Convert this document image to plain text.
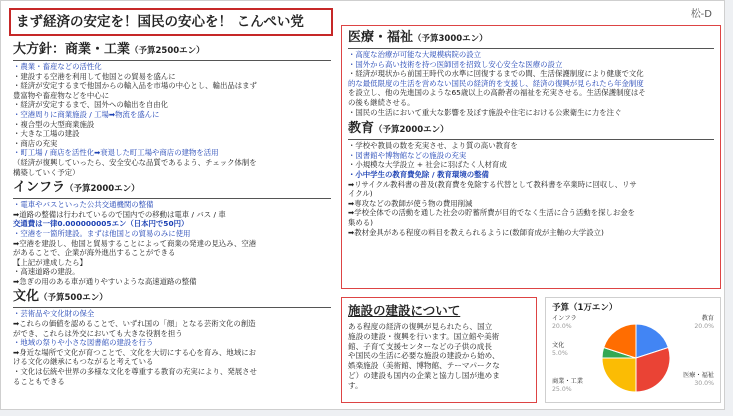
まず経済の安定を！国民の安心を！ こんぺい党	松-D
大方針：商業・工業（予算2500エン）
・農業・畜産などの活性化
・建設する空港を利用して他国との貿易を盛んに
・経済が安定するまで他国からの輸入品を市場の中心とし、輸出品はまず
豊富物や畜産物などを中心に
・経済が安定するまで、国外への輸出を自由化
・空港周りに商業施設 / 工場➡物流を盛んに
・複合型の大型商業施設
・大きな工場の建設
・商店の充実
・町工場 / 商店を活性化➡衰退した町工場や商店の建物を活用
（経済が復興していったら、安全安心な品質であるよう、チェック体制を
構築していく予定）
インフラ（予算2000エン）
・電車やバスといった公共交通機関の整備
➡道路の整備は行われているので国内での移動は電車 / バス / 車
交通費は一律0.000000005エン（日本円で50円）
・空港を一箇所建設。まずは他国との貿易のみに使用
➡空港を建設し、他国と貿易することによって商業の発達の見込み、空港
があることで、企業が海外進出することができる
【上記が達成したら】
・高速道路の建設。
➡急ぎの用のある車が通りやすいような高速道路の整備
文化（予算500エン）
・芸術品や文化財の保全
➡これらの価値を認めることで、いずれ国の「顔」となる芸術文化の創造
ができ、これらは外交においても大きな役割を担う
・地域の祭りや小さな図書館の建設を行う
➡身近な場所で文化が育つことで、文化を大切にする心を育み、地域にお
ける文化の継承にもつながると考えている
・文化は伝統や世界の多様な文化を尊重する教育の充実により、発展させ
ることもできる
医療・福祉（予算3000エン）
・高度な治療が可能な大規模病院の設立
・国外から高い技術を持つ医師団を招致し安心安全な医療の設立
・経済が現状から前国王時代の水準に回復するまでの間、生活保護制度により健康で文化
的な最低限度の生活を営めない国民の経済的を支援し、経済の復興が見られたら年金制度
を設立し、他の先進国のような65歳以上の高齢者の福祉を充実させる。生活保護制度はそ
の後も継続させる。
・国民の生活において重大な影響を及ぼす施設や住宅における公衆衛生に力を注ぐ
教育（予算2000エン）
・学校や教員の数を充実させ、より質の高い教育を
・図書館や博物館などの施設の充実
・小規模な大学設立 + 社会に羽ばたく人材育成
・小中学生の教育費免除 / 教育環境の整備
➡リサイクル教科書の普及(教育費を免除する代替として教科書を卒業時に回収し、リサ
イクル)
➡専攻などの教師が使う物の費用削減
➡学校全体での活動を通した社会の貯蓄所費が目的でなく生活に合う活動を探しお金を
集める)
➡教材金具がある程度の料目を教えられるように(数師育成が主軸の大学設立)
施設の建設について
ある程度の経済の復興が見られたら、国立
施設の建設・復興を行います。国立館や美術
館、子育て支援センターなどの子供の成長
や国民の生活に必要な施設の建設から始め、
娯楽施設（美術館、博物館、テーマパークな
ど）の建設も国内の企業と協力し国が進めま
す。
予算（1万エン）
インフラ
20.0%
文化
5.0%
商業・工業
25.0%
教育
20.0%
医療・福祉
30.0%
